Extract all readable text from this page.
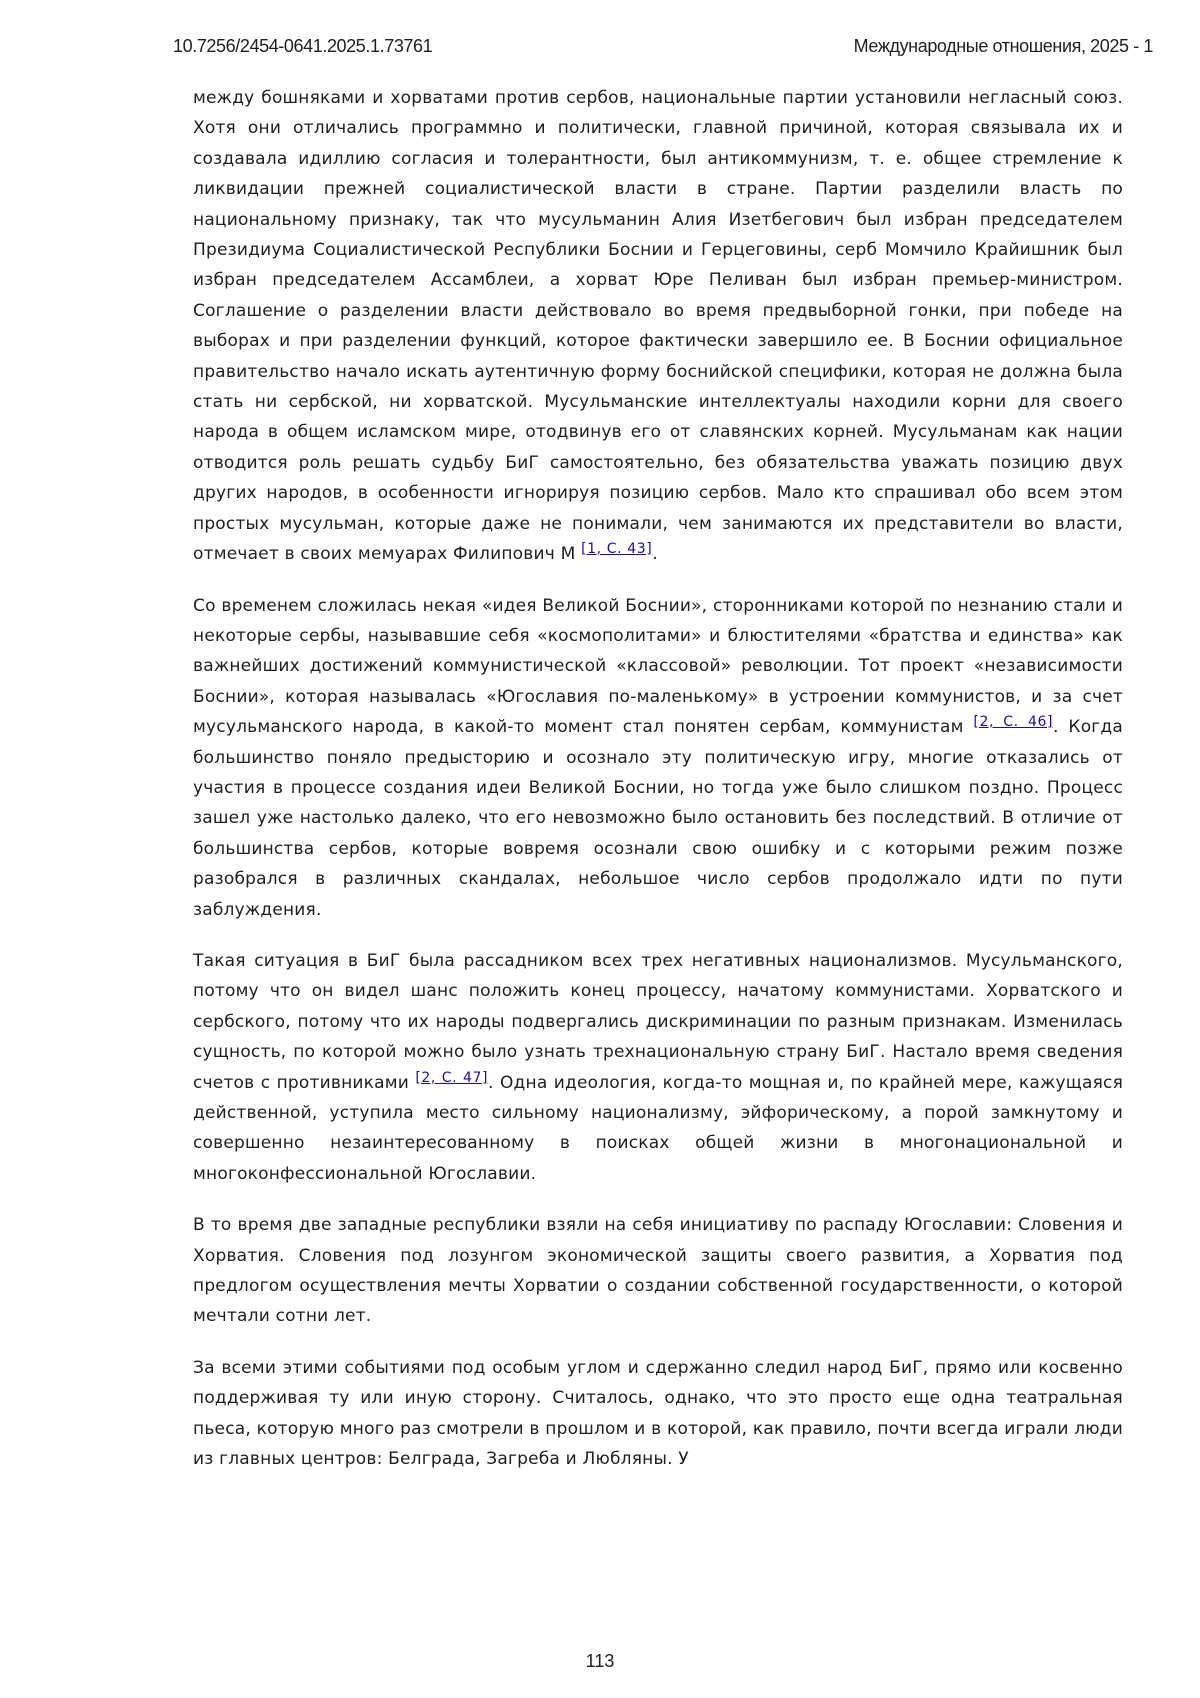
10.7256/2454-0641.2025.1.73761	Международные отношения, 2025 - 1

между бошняками и хорватами против сербов, национальные партии установили негласный союз. Хотя они отличались программно и политически, главной причиной, которая связывала их и создавала идиллию согласия и толерантности, был антикоммунизм, т. е. общее стремление к ликвидации прежней социалистической власти в стране. Партии разделили власть по национальному признаку, так что мусульманин Алия Изетбегович был избран председателем Президиума Социалистической Республики Боснии и Герцеговины, серб Момчило Крайишник был избран председателем Ассамблеи, а хорват Юре Пеливан был избран премьер-министром. Соглашение о разделении власти действовало во время предвыборной гонки, при победе на выборах и при разделении функций, которое фактически завершило ее. В Боснии официальное правительство начало искать аутентичную форму боснийской специфики, которая не должна была стать ни сербской, ни хорватской. Мусульманские интеллектуалы находили корни для своего народа в общем исламском мире, отодвинув его от славянских корней. Мусульманам как нации отводится роль решать судьбу БиГ самостоятельно, без обязательства уважать позицию двух других народов, в особенности игнорируя позицию сербов. Мало кто спрашивал обо всем этом простых мусульман, которые даже не понимали, чем занимаются их представители во власти, отмечает в своих мемуарах Филипович М [1, С. 43].

Со временем сложилась некая «идея Великой Боснии», сторонниками которой по незнанию стали и некоторые сербы, называвшие себя «космополитами» и блюстителями «братства и единства» как важнейших достижений коммунистической «классовой» революции. Тот проект «независимости Боснии», которая называлась «Югославия по-маленькому» в устроении коммунистов, и за счет мусульманского народа, в какой-то момент стал понятен сербам, коммунистам [2, С. 46]. Когда большинство поняло предысторию и осознало эту политическую игру, многие отказались от участия в процессе создания идеи Великой Боснии, но тогда уже было слишком поздно. Процесс зашел уже настолько далеко, что его невозможно было остановить без последствий. В отличие от большинства сербов, которые вовремя осознали свою ошибку и с которыми режим позже разобрался в различных скандалах, небольшое число сербов продолжало идти по пути заблуждения.

Такая ситуация в БиГ была рассадником всех трех негативных национализмов. Мусульманского, потому что он видел шанс положить конец процессу, начатому коммунистами. Хорватского и сербского, потому что их народы подвергались дискриминации по разным признакам. Изменилась сущность, по которой можно было узнать трехнациональную страну БиГ. Настало время сведения счетов с противниками [2, С. 47]. Одна идеология, когда-то мощная и, по крайней мере, кажущаяся действенной, уступила место сильному национализму, эйфорическому, а порой замкнутому и совершенно незаинтересованному в поисках общей жизни в многонациональной и многоконфессиональной Югославии.

В то время две западные республики взяли на себя инициативу по распаду Югославии: Словения и Хорватия. Словения под лозунгом экономической защиты своего развития, а Хорватия под предлогом осуществления мечты Хорватии о создании собственной государственности, о которой мечтали сотни лет.

За всеми этими событиями под особым углом и сдержанно следил народ БиГ, прямо или косвенно поддерживая ту или иную сторону. Считалось, однако, что это просто еще одна театральная пьеса, которую много раз смотрели в прошлом и в которой, как правило, почти всегда играли люди из главных центров: Белграда, Загреба и Любляны. У

113
